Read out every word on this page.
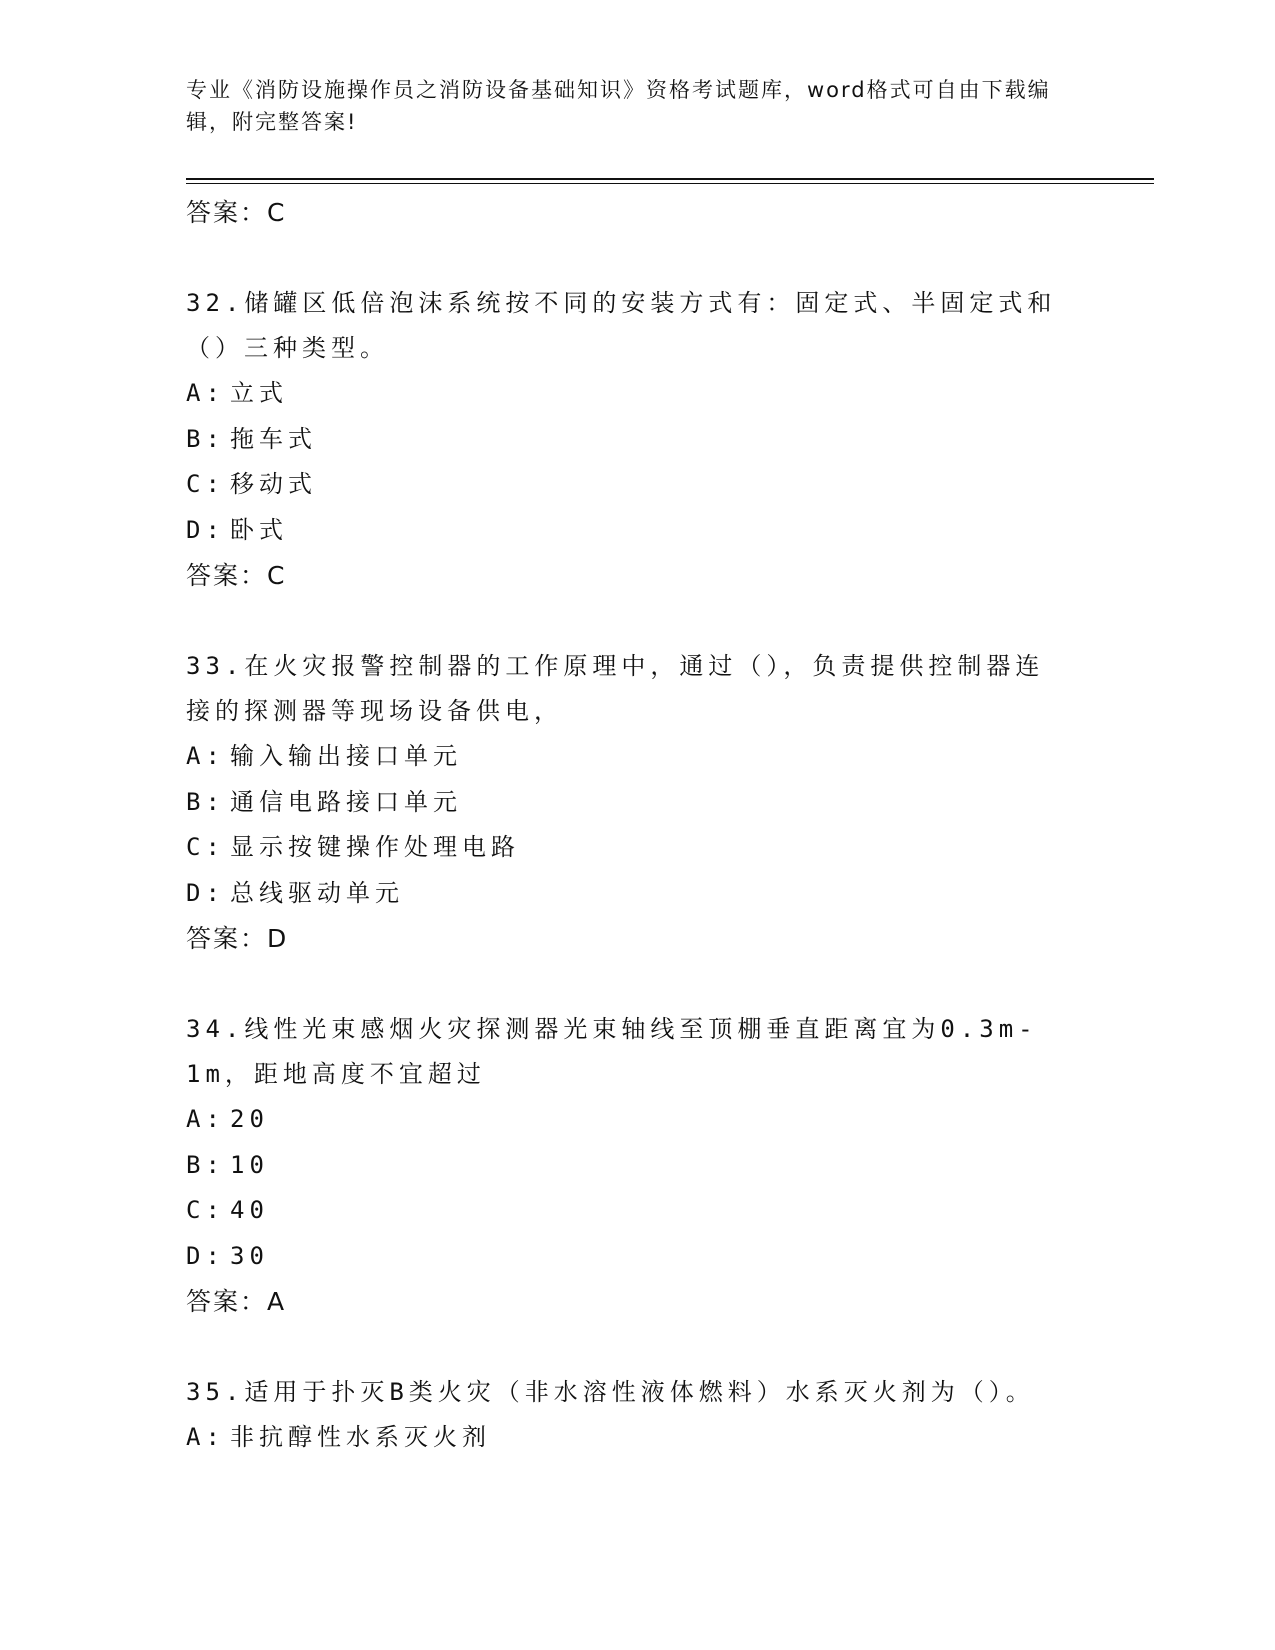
专业《消防设施操作员之消防设备基础知识》资格考试题库，word格式可自由下载编辑，附完整答案!

答案：C

32.储罐区低倍泡沫系统按不同的安装方式有：固定式、半固定式和（）三种类型。

A: 立式

B: 拖车式

C: 移动式

D: 卧式

答案：C

33.在火灾报警控制器的工作原理中，通过（），负责提供控制器连接的探测器等现场设备供电，

A: 输入输出接口单元

B: 通信电路接口单元

C: 显示按键操作处理电路

D: 总线驱动单元

答案：D

34.线性光束感烟火灾探测器光束轴线至顶棚垂直距离宜为0.3m-1m，距地高度不宜超过

A: 20

B: 10

C: 40

D: 30

答案：A

35.适用于扑灭B类火灾（非水溶性液体燃料）水系灭火剂为（）。

A: 非抗醇性水系灭火剂
